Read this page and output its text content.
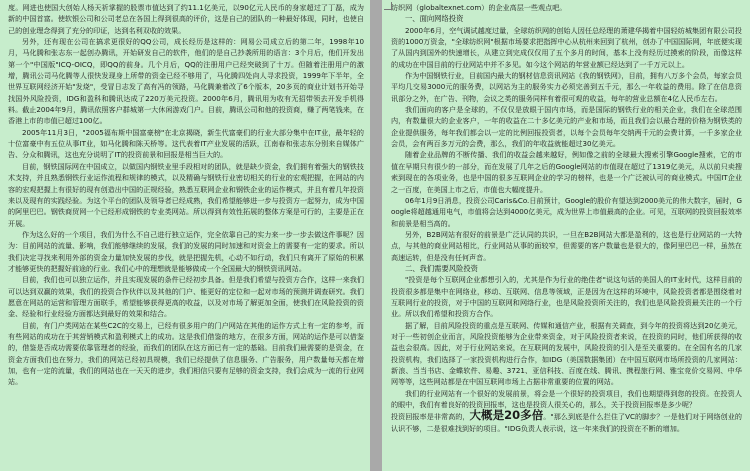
度。网进也使国大创始人杨天祈掌握的股票市值达到了约11.1亿美元，以90亿元人民币的身家超过了丁磊，成为新的中国首富。使软银公司和公司老总在各国上得到很高的评价，这是自己的团队的一种最好体现，同时，也使自己的创业理念得到了充分的印证，达到名利双收的效果。

另外，还有现在公司在搞求更很好的QQ公司，成长经历是这样的：网易公司成立后的第二年，1998年10月，马化腾和张志东一起创办腾讯，开始研发自己的软件，他们的是自己抄袭所用的语言：3个月后，他们开发出第一个"中国版"ICQ-OICQ，即QQ的前身。几个月后，QQ的注册用户已经突破到了十万。但随着注册用户的激增，腾讯公司马化腾等人很快发现身上所带的资金已经不够用了，马化腾四处向人寻求投资，1999年下半年，全世界互联网经济开始"发烧"，受冒日志发了高有冯的领路，马化腾兼着改了6个版本，20多页的商业计划书开始寻找国外风险投资，IDG和盈科和腾讯达成了220万美元投资。2000年6月，腾讯用为收有无招带领去开发手机得料。截止2004年9月，腾讯依照客户群城第一大休闲游戏门户。目前，腾讯公司和他的投资商，赚了两笔钱来，在香港上市的市值已超过100亿。

2005年11月3日，"2005福布斯中国富豪榜"在北京揭晓，新生代富豪们的行业大部分集中在IT业，最年轻的十位富豪中有五位从事IT业，如马化腾和陈天桥等。这代表着IT产业发展的活跃，江南春和张志东分别来自媒体广告、分众和腾讯，这也充分说明了IT的投资前景和回报是相当巨大的。

目前，钢铁国际网在中国成立，以做国内钢铁业里手段相对的团队，就是缺少资金，我们拥有着强大的钢铁技术支持，并且熟悉钢铁行业运作流程和规律的模式，以及精确与钢铁行业密切相关的行业的宏观把握，在网站的内容的宏观把握上有很好的现有创造出中国的正规经验，熟悉互联网企业和钢铁企业的运作模式，并且有着几年投资来以及现有的实践经验。为这个平台的团队及领导者已经成熟，我们希望能够进一步与投资方一起努力，成为中国的阿里巴巴。钢铁商贸网一个已经形成钢铁的专业类网站。所以得到有效性拓展的整体方案是可行的，主要是正在开展。

作为这么好的一个项目，我们为什么不自己进行独立运作，完全依靠自己的实力来一步一步去做这件事呢？因为：目前网站的流量、影响，我们能够继续的发展，我们的发展的同时加速和对资金上的需要有一定的要求。所以我们决定寻找来利用外部的资金力量加快发展的步伐，就是把握先机，心动不如行动，我们只有离开了原始的积累才能够更快的把握好前途的行业。我们心中的理想就是能够做成一个全国最大的钢铁资讯网站。

目前，我们也可以独立运作，并且实现发展的条件已经初步具备。但是我们希望与投资方合作，这样一来我们可以达到双赢的效果，我们的投资合作伙伴以及其他的门户、能更好的定位和一起对市场的预测并调查研究。我们愿意在网站的运营和管理方面联手，希望能够获得更高的收益，以及对市场了解更加全面，使我们在风险投资的资金、经验和行业经验方面都达到最好的效果和结合。

目前，有门户类网站在某些C2C的交易上，已经有很多用户的门户网站在其他的运作方式上有一定的参考，而有些网站的成功在于其营销模式和盈利模式上的成功。这是我们借鉴的地方，在很多方面，网站的运作是可以借鉴的，借鉴是否成功需要依靠管理者的经验，而我们的团队在这方面已有一定的基础。目前我们最需要的是资金，在资金方面我们也在努力，我们的网站已经初具规模，我们已经提供了信息服务、广告服务，用户数量每天都在增加，也有一定的流量，我们的网站也在一天天的进步，我们相信只要有足够的资金支持，我们会成为一流的行业网站。

纺织网（globaltexnet.com）的企业高层一些观点吧。

一、面向网络投资

2000年6月，空气调试越度过量，全球纺织网的创始人因任总经理的萧建华揭着中国轻纺城集团有限公司投资的1000万资金，"全球纺织网"根据市场要求把指挥中心从杭州来回到了杭州，创办了中国国际网，年底便实现了从国内到国外的快速增长，从建立到完成仅仅用了五个多月的时间，基本上没有经历过摸索的阶段，而像这样的成功在中国目前的行业网站中并不多见。如今这个网站的年营业额已经达到了一千万元以上。

作为中国钢铁行业，目前国内最大的钢材信息资讯网站《我的钢铁网》，目前，拥有八万多个会员，每家会员平均几交易3000元的服务费，以网站为主的服务实力必须完善到五千元，那么一年收益的费用。除了在信息资讯部分之外，在广告、刊物，会议之类的服务同样有着很可观的收益，每年的营业总额在4亿人民币左右。

我们面向的客户是全球的，不仅仅是放眼于国内市场，而是国际的钢铁行业的相关企业，我们在全球范围内，有数量很大的企业客户，一年的收益在二十多亿美元的产业和市场，而且我们会以最合理的价格为钢铁类的企业提供服务，每年我们都会以一定的比例回报投资者，以每个会员每年交纳两千元的会费计算，一千多家企业会员，会有两百多万元的会费，那么，我们的年收益就能超过30亿美元。

随着企业品牌的不断传播、我们的收益会越来越好，例如像之前的全球最大搜索引擎Google搜索，它的市值在早期只有很少的一部分，而在发展了几年之后的Google网站的市值现在超过了1319亿美元，从以前只卖搜索到现在的各项业务，也是中国的很多互联网企业的学习的榜样，也是一个广泛被认可的商业模式。中国IT企业之一百度，在美国上市之后，市值也大幅度提升。

06年1月9日消息，投资公司Caris&Co.日前预计，Google的股价有望达到2000美元的伟大数字，届时，Google将超越通用电气，市值将会达到4000亿美元，成为世界上市值最高的企业。可见，互联网的投资回报效率和前景是相当高的。

另外，B2B网站有很好的前景是广泛认同的共识，一旦在B2B网站大都是盈利的，这也是行业网站的一大特点，与其他的商业网站相比，行业网站从事的面较窄，但需要的客户数量也是很大的，像阿里巴巴一样，虽然在高速运转，但是没有任何声音。

二、我们需要风险投资

"投资是每个互联网企业都想引入的，尤其是作为行业的绝佳者"说这句话的美国人的IT业时代，这样目前的投资很多都是集中在网络业，移动、互联网、信息等领域，正是因为在这样的环境中，风险投资者都是围绕着对互联网行业的投资，对于中国的互联网和网络行业，也是风险投资所关注的，我们也是风险投资最关注的一个行业。所以我们希望和投资方合作。

据了解，目前风险投资的重点是互联网、传媒和通信产业，根据有关调查，到今年的投资将达到20亿美元，对于一些初创企业而言，风险投资能够为企业带来资金，对于风险投资者来说，在投资的同时，他们所获得的收益也会很高。因此，对于行业网站来说，在互联网的发展中，风险投资的引入是至关重要的。在全国有名的几家投资机构，我们选择了一家投资机构进行合作，如IDG（美国数据集团）在中国互联网市场所投资的几家网站：新浪、当当书店、金蝶软件、易趣、3721、亚信科技、百度在线、腾讯、携程旅行网、雅宝竞价交易网、中华网等等，这些网站都是在中国互联网市场上占据非常重要的位置的网站。

我们的行业网站有一个很好的发展前景，将会是一个很好的投资项目，我们也期望得到您的投资。在投资人的眼中，我们有着良好的投资回报率，这也是投资人很关心的，那么，关于投资回报率是多少呢？

投资回报率是非常高的，大概是20多倍。"那么到底是什么拦住了VC的脚步？一是他们对于网络创业的认识不够，二是很难找到好的项目。"IDG负责人表示说，这一年来我们的投资在不断的增加。
